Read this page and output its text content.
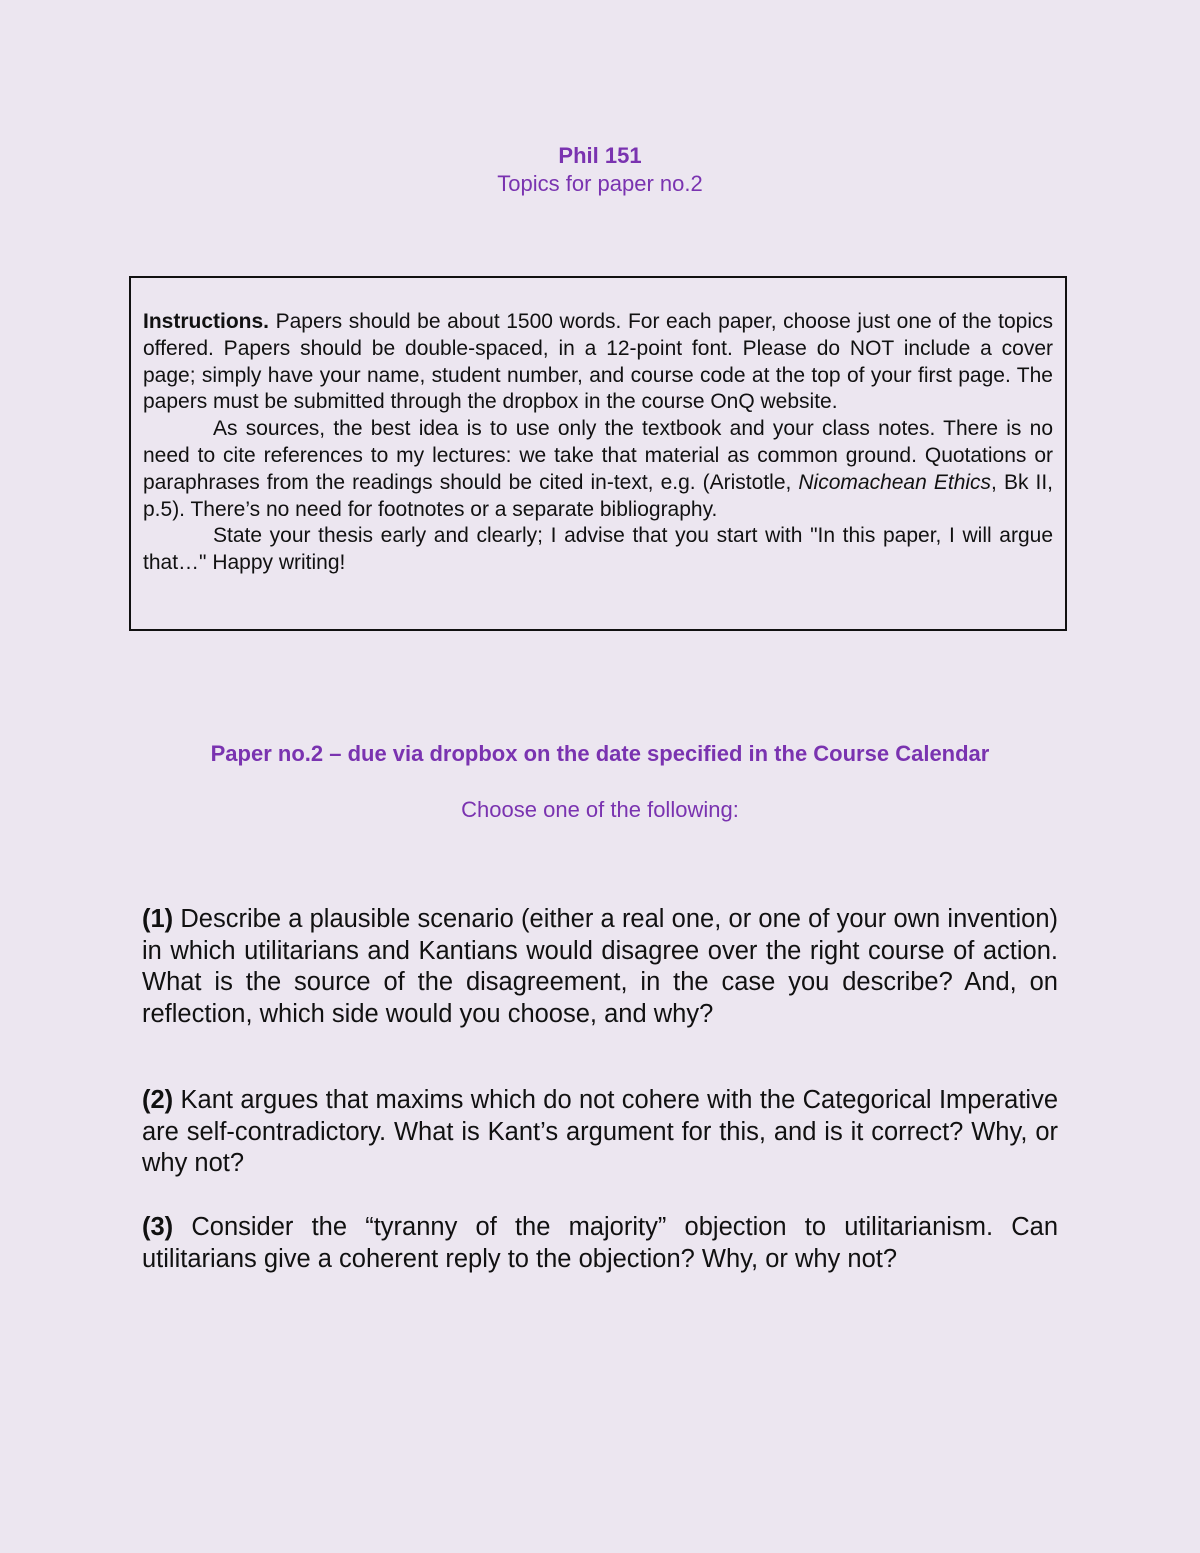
Phil 151
Topics for paper no.2

Instructions. Papers should be about 1500 words. For each paper, choose just one of the topics offered. Papers should be double-spaced, in a 12-point font. Please do NOT include a cover page; simply have your name, student number, and course code at the top of your first page. The papers must be submitted through the dropbox in the course OnQ website.

As sources, the best idea is to use only the textbook and your class notes. There is no need to cite references to my lectures: we take that material as common ground. Quotations or paraphrases from the readings should be cited in-text, e.g. (Aristotle, Nicomachean Ethics, Bk II, p.5). There’s no need for footnotes or a separate bibliography.

State your thesis early and clearly; I advise that you start with "In this paper, I will argue that…" Happy writing!

Paper no.2 – due via dropbox on the date specified in the Course Calendar
Choose one of the following:

(1) Describe a plausible scenario (either a real one, or one of your own invention) in which utilitarians and Kantians would disagree over the right course of action. What is the source of the disagreement, in the case you describe? And, on reflection, which side would you choose, and why?

(2) Kant argues that maxims which do not cohere with the Categorical Imperative are self-contradictory. What is Kant’s argument for this, and is it correct? Why, or why not?

(3) Consider the “tyranny of the majority” objection to utilitarianism. Can utilitarians give a coherent reply to the objection? Why, or why not?
